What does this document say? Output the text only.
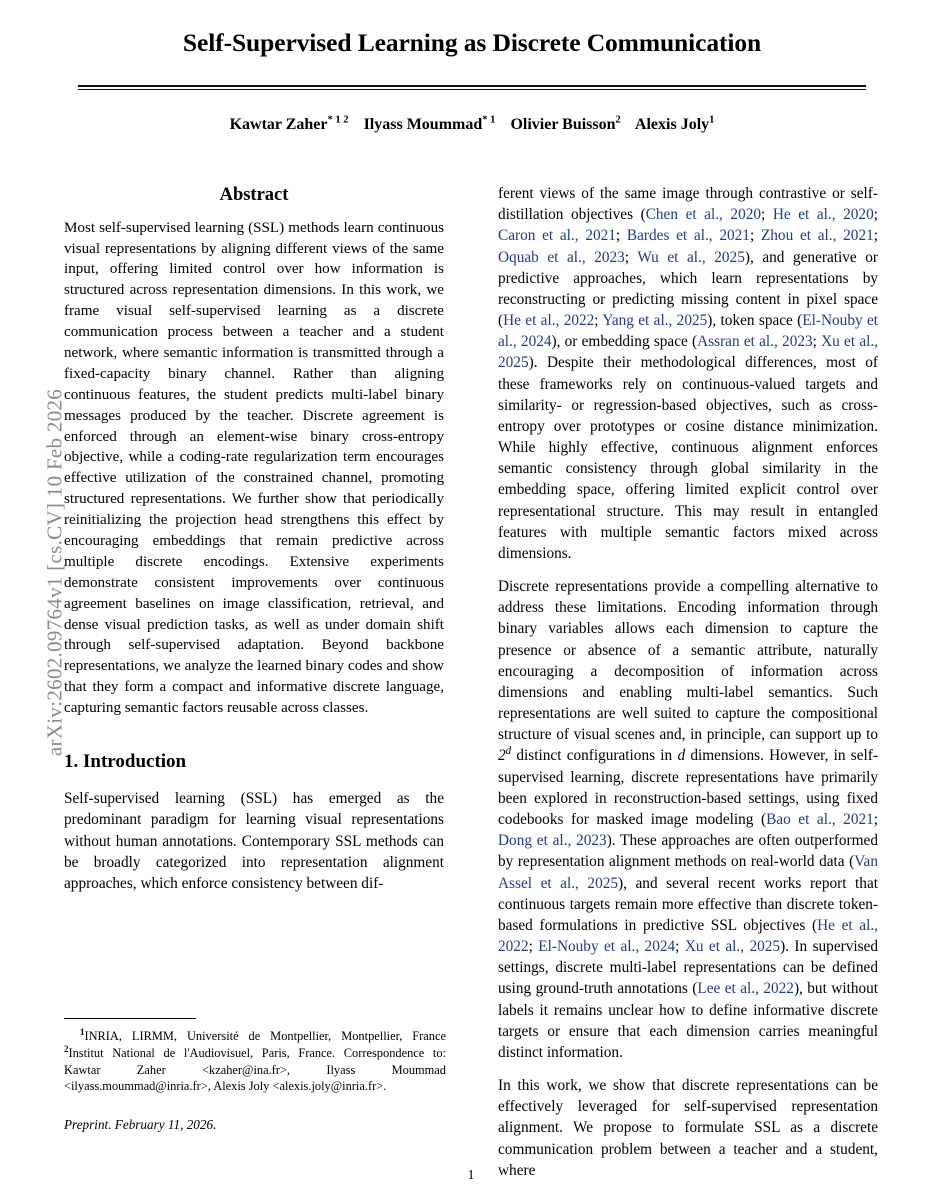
arXiv:2602.09764v1 [cs.CV] 10 Feb 2026
Self-Supervised Learning as Discrete Communication
Kawtar Zaher$^{* 1 2}$ Ilyass Moummad$^{* 1}$ Olivier Buisson$^2$ Alexis Joly$^1$
Abstract

Most self-supervised learning (SSL) methods learn continuous visual representations by aligning different views of the same input, offering limited control over how information is structured across representation dimensions. In this work, we frame visual self-supervised learning as a discrete communication process between a teacher and a student network, where semantic information is transmitted through a fixed-capacity binary channel. Rather than aligning continuous features, the student predicts multi-label binary messages produced by the teacher. Discrete agreement is enforced through an element-wise binary cross-entropy objective, while a coding-rate regularization term encourages effective utilization of the constrained channel, promoting structured representations. We further show that periodically reinitializing the projection head strengthens this effect by encouraging embeddings that remain predictive across multiple discrete encodings. Extensive experiments demonstrate consistent improvements over continuous agreement baselines on image classification, retrieval, and dense visual prediction tasks, as well as under domain shift through self-supervised adaptation. Beyond backbone representations, we analyze the learned binary codes and show that they form a compact and informative discrete language, capturing semantic factors reusable across classes.

1. Introduction

Self-supervised learning (SSL) has emerged as the predominant paradigm for learning visual representations without human annotations. Contemporary SSL methods can be broadly categorized into representation alignment approaches, which enforce consistency between dif-

ferent views of the same image through contrastive or self-distillation objectives (Chen et al., 2020; He et al., 2020; Caron et al., 2021; Bardes et al., 2021; Zhou et al., 2021; Oquab et al., 2023; Wu et al., 2025), and generative or predictive approaches, which learn representations by reconstructing or predicting missing content in pixel space (He et al., 2022; Yang et al., 2025), token space (El-Nouby et al., 2024), or embedding space (Assran et al., 2023; Xu et al., 2025). Despite their methodological differences, most of these frameworks rely on continuous-valued targets and similarity- or regression-based objectives, such as cross-entropy over prototypes or cosine distance minimization. While highly effective, continuous alignment enforces semantic consistency through global similarity in the embedding space, offering limited explicit control over representational structure. This may result in entangled features with multiple semantic factors mixed across dimensions.

Discrete representations provide a compelling alternative to address these limitations. Encoding information through binary variables allows each dimension to capture the presence or absence of a semantic attribute, naturally encouraging a decomposition of information across dimensions and enabling multi-label semantics. Such representations are well suited to capture the compositional structure of visual scenes and, in principle, can support up to 2$^d$ distinct configurations in d dimensions. However, in self-supervised learning, discrete representations have primarily been explored in reconstruction-based settings, using fixed codebooks for masked image modeling (Bao et al., 2021; Dong et al., 2023). These approaches are often outperformed by representation alignment methods on real-world data (Van Assel et al., 2025), and several recent works report that continuous targets remain more effective than discrete token-based formulations in predictive SSL objectives (He et al., 2022; El-Nouby et al., 2024; Xu et al., 2025). In supervised settings, discrete multi-label representations can be defined using ground-truth annotations (Lee et al., 2022), but without labels it remains unclear how to define informative discrete targets or ensure that each dimension carries meaningful distinct information.

In this work, we show that discrete representations can be effectively leveraged for self-supervised representation alignment. We propose to formulate SSL as a discrete communication problem between a teacher and a student, where

$^1$INRIA, LIRMM, Université de Montpellier, Montpellier, France $^2$Institut National de l'Audiovisuel, Paris, France. Correspondence to: Kawtar Zaher <kzaher@ina.fr>, Ilyass Moummad <ilyass.moummad@inria.fr>, Alexis Joly <alexis.joly@inria.fr>.

Preprint. February 11, 2026.
1
